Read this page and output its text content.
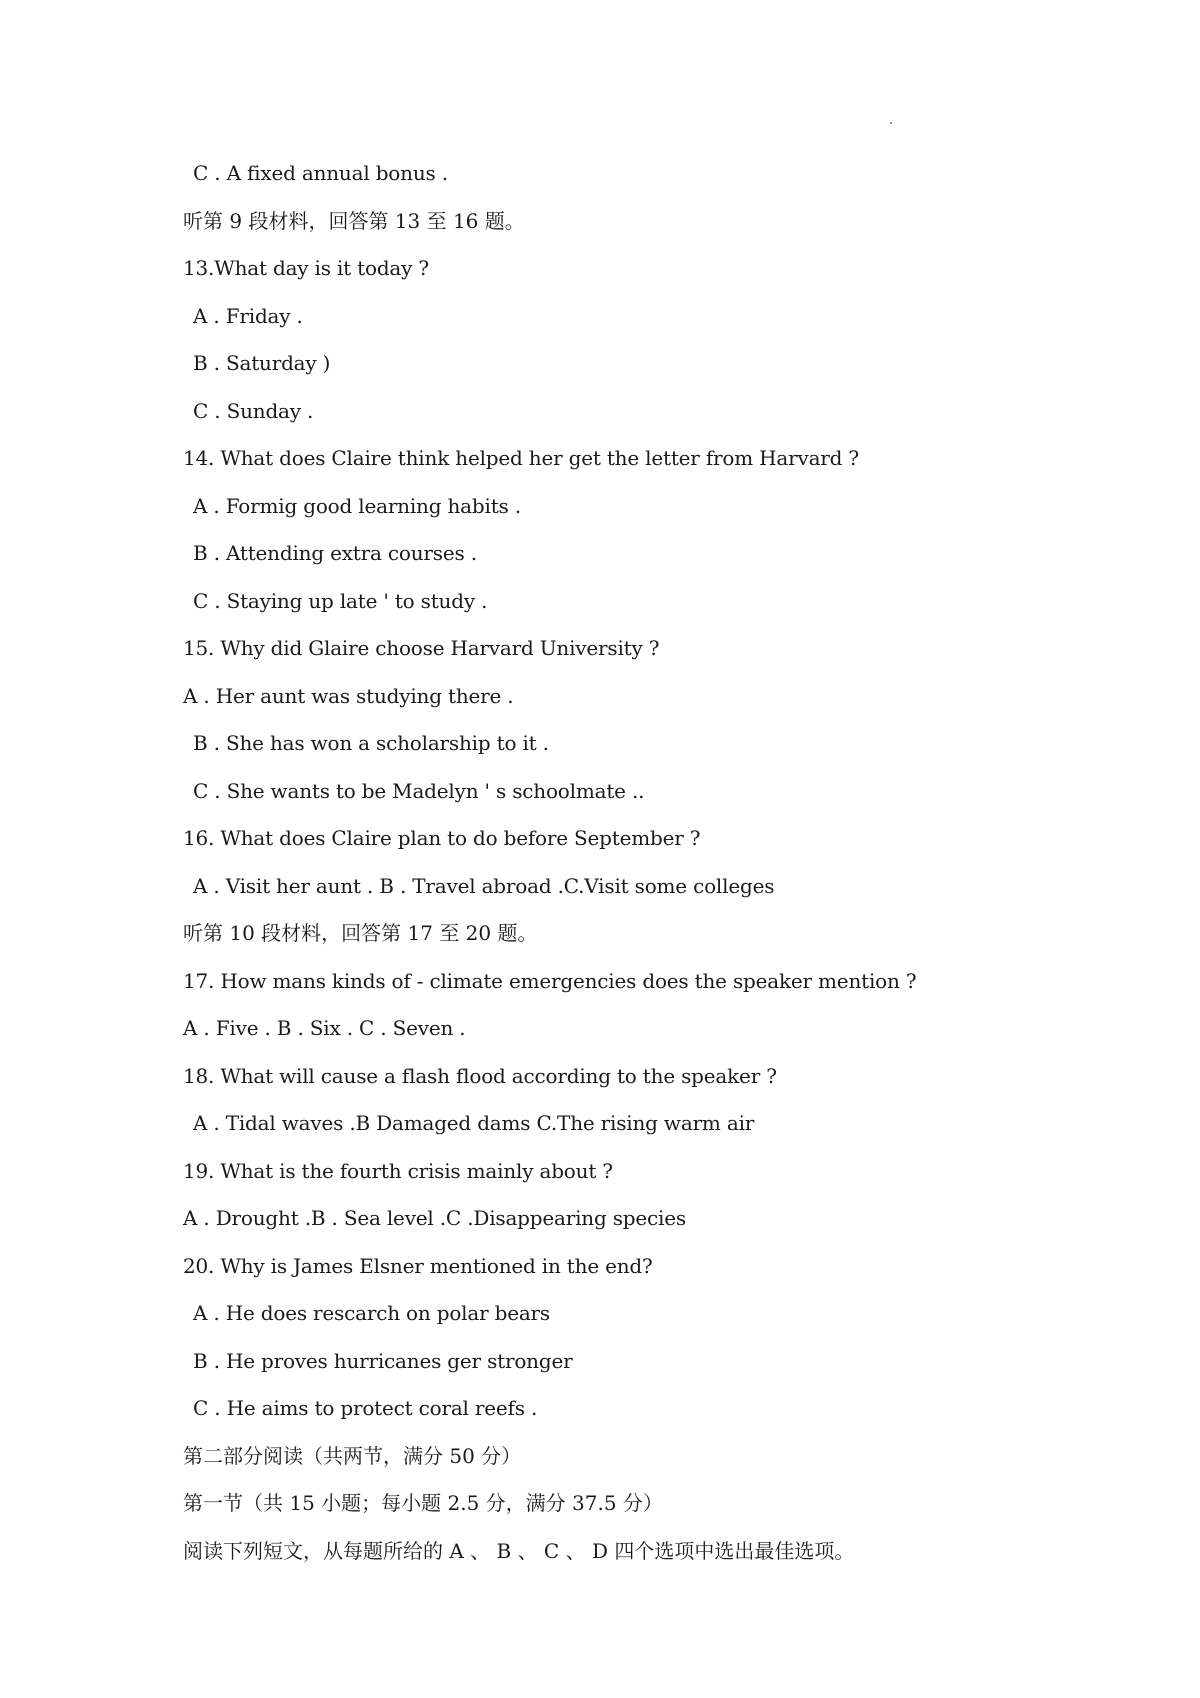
C . A fixed annual bonus .
听第 9 段材料，回答第 13 至 16 题。
13.What day is it today ?
A . Friday .
B . Saturday )
C . Sunday .
14. What does Claire think helped her get the letter from Harvard ?
A . Formig good learning habits .
B . Attending extra courses .
C . Staying up late ' to study .
15. Why did Glaire choose Harvard University ?
A . Her aunt was studying there .
B . She has won a scholarship to it .
C . She wants to be Madelyn ' s schoolmate ..
16. What does Claire plan to do before September ?
A . Visit her aunt . B . Travel abroad .C.Visit some colleges
听第 10 段材料，回答第 17 至 20 题。
17. How mans kinds of - climate emergencies does the speaker mention ?
A . Five . B . Six . C . Seven .
18. What will cause a flash flood according to the speaker ?
A . Tidal waves .B Damaged dams C.The rising warm air
19. What is the fourth crisis mainly about ?
A . Drought .B . Sea level .C .Disappearing species
20. Why is James Elsner mentioned in the end?
A . He does rescarch on polar bears
B . He proves hurricanes ger stronger
C . He aims to protect coral reefs .
第二部分阅读（共两节，满分 50 分）
第一节（共 15 小题；每小题 2.5 分，满分 37.5 分）
阅读下列短文，从每题所给的 A 、 B 、 C 、 D 四个选项中选出最佳选项。
